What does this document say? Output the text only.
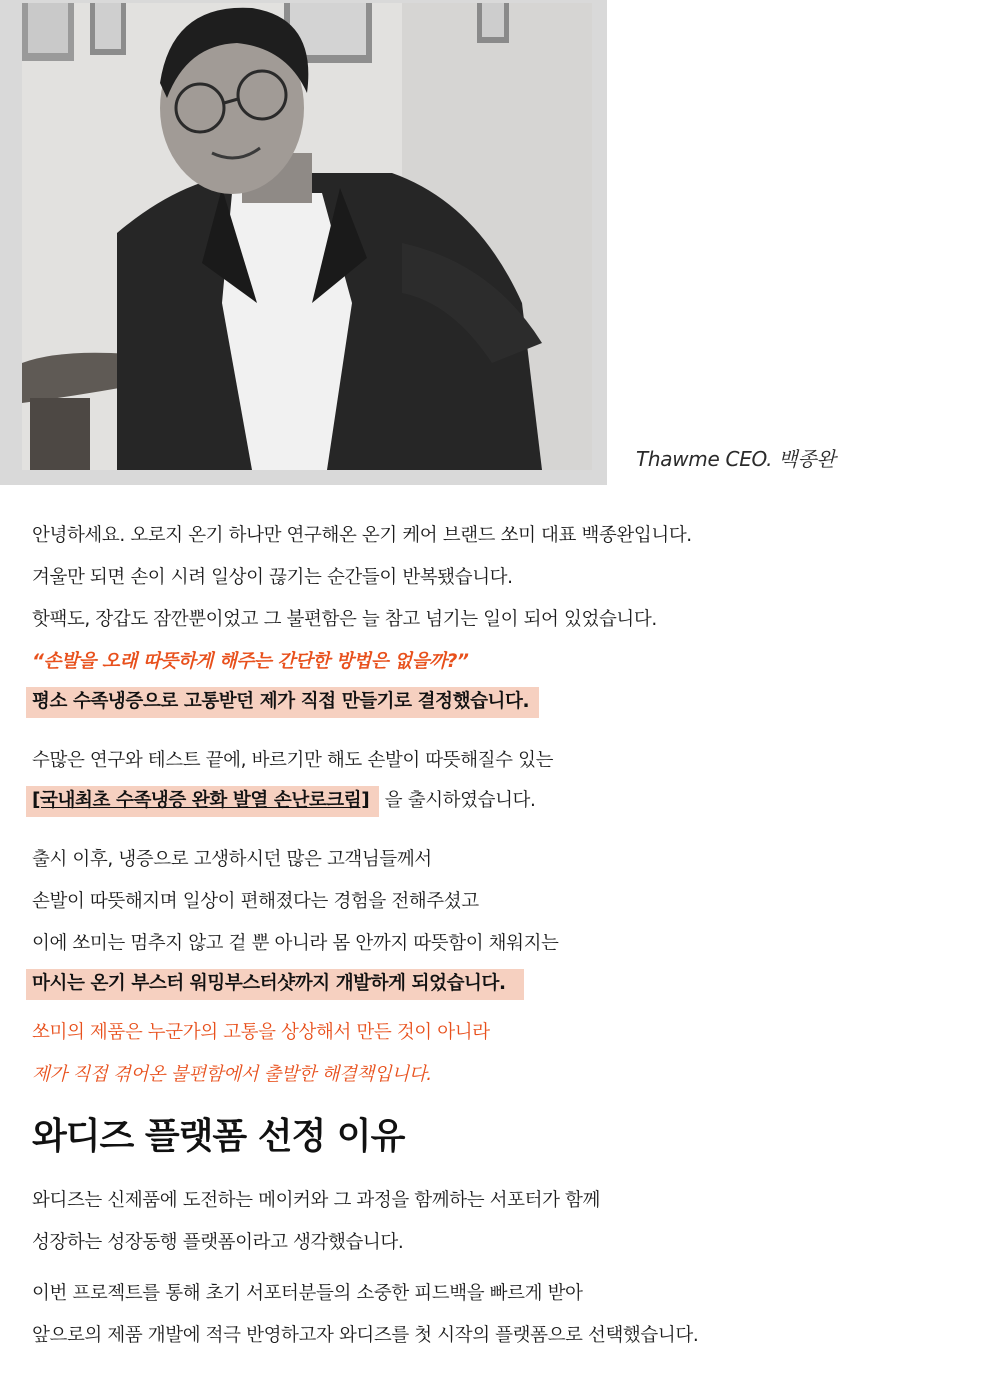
Thawme CEO. 백종완

안녕하세요. 오로지 온기 하나만 연구해온 온기 케어 브랜드 쏘미 대표 백종완입니다.

겨울만 되면 손이 시려 일상이 끊기는 순간들이 반복됐습니다.

핫팩도, 장갑도 잠깐뿐이었고 그 불편함은 늘 참고 넘기는 일이 되어 있었습니다.

“손발을 오래 따뜻하게 해주는 간단한 방법은 없을까?”

평소 수족냉증으로 고통받던 제가 직접 만들기로 결정했습니다.

수많은 연구와 테스트 끝에, 바르기만 해도 손발이 따뜻해질수 있는

[국내최초 수족냉증 완화 발열 손난로크림] 을 출시하였습니다.

출시 이후, 냉증으로 고생하시던 많은 고객님들께서

손발이 따뜻해지며 일상이 편해졌다는 경험을 전해주셨고

이에 쏘미는 멈추지 않고 겉 뿐 아니라 몸 안까지 따뜻함이 채워지는

마시는 온기 부스터 워밍부스터샷까지 개발하게 되었습니다.

쏘미의 제품은 누군가의 고통을 상상해서 만든 것이 아니라

제가 직접 겪어온 불편함에서 출발한 해결책입니다.

와디즈 플랫폼 선정 이유

와디즈는 신제품에 도전하는 메이커와 그 과정을 함께하는 서포터가 함께

성장하는 성장동행 플랫폼이라고 생각했습니다.

이번 프로젝트를 통해 초기 서포터분들의 소중한 피드백을 빠르게 받아

앞으로의 제품 개발에 적극 반영하고자 와디즈를 첫 시작의 플랫폼으로 선택했습니다.
